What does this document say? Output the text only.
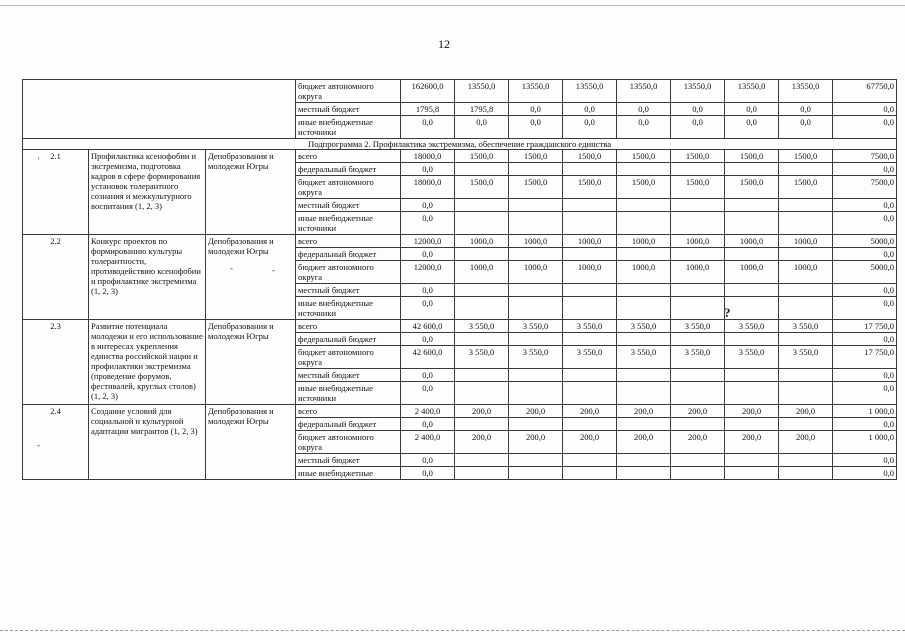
12
'
-
-
-
			бюджет автономного округа	162600,0	13550,0	13550,0	13550,0	13550,0	13550,0	13550,0	13550,0	67750,0
			местный бюджет	1795,8	1795,8	0,0	0,0	0,0	0,0	0,0	0,0	0,0
			иные внебюджетные источники	0,0	0,0	0,0	0,0	0,0	0,0	0,0	0,0	0,0
Подпрограмма 2. Профилактика экстремизма, обеспечение гражданского единства												
2.1	Профилактика ксенофобии и экстремизма, подготовка кадров в сфере формирования установок толерантного сознания и межкультурного воспитания (1, 2, 3)	Депобразования и молодежи Югры	всего	18000,0	1500,0	1500,0	1500,0	1500,0	1500,0	1500,0	1500,0	7500,0
			федеральный бюджет	0,0								0,0
			бюджет автономного округа	18000,0	1500,0	1500,0	1500,0	1500,0	1500,0	1500,0	1500,0	7500,0
			местный бюджет	0,0								0,0
			иные внебюджетные источники	0,0								0,0
2.2	Конкурс проектов по формированию культуры толерантности, противодействию ксенофобии и профилактике экстремизма (1, 2, 3)	Депобразования и молодежи Югры	всего	12000,0	1000,0	1000,0	1000,0	1000,0	1000,0	1000,0	1000,0	5000,0
			федеральный бюджет	0,0								0,0
			бюджет автономного округа	12000,0	1000,0	1000,0	1000,0	1000,0	1000,0	1000,0	1000,0	5000,0
			местный бюджет	0,0								0,0
			иные внебюджетные источники	0,0								0,0
2.3	Развитие потенциала молодежи и его использование в интересах укрепления единства российской нации и профилактики экстремизма (проведение форумов, фестивалей, круглых столов) (1, 2, 3)	Депобразования и молодежи Югры	всего	42 600,0	3 550,0	3 550,0	3 550,0	3 550,0	3 550,0	3 550,0	3 550,0	17 750,0
			федеральный бюджет	0,0								0,0
			бюджет автономного округа	42 600,0	3 550,0	3 550,0	3 550,0	3 550,0	3 550,0	3 550,0	3 550,0	17 750,0
			местный бюджет	0,0								0,0
			иные внебюджетные источники	0,0								0,0
2.4	Создание условий для социальной и культурной адаптации мигрантов (1, 2, 3)	Депобразования и молодежи Югры	всего	2 400,0	200,0	200,0	200,0	200,0	200,0	200,0	200,0	1 000,0
			федеральный бюджет	0,0								0,0
			бюджет автономного округа	2 400,0	200,0	200,0	200,0	200,0	200,0	200,0	200,0	1 000,0
			местный бюджет	0,0								0,0
			иные внебюджетные	0,0								0,0
?
